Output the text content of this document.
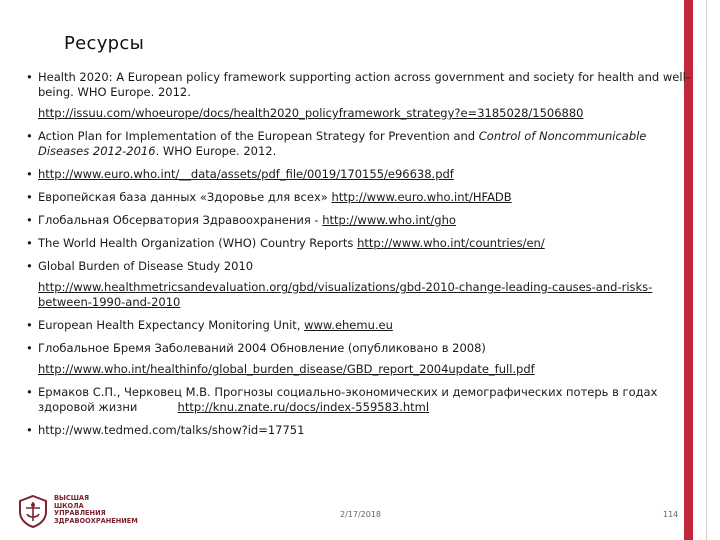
Ресурсы
• Health 2020: A European policy framework supporting action across government and society for health and well-being. WHO Europe. 2012.
http://issuu.com/whoeurope/docs/health2020_policyframework_strategy?e=3185028/1506880
• Action Plan for Implementation of the European Strategy for Prevention and Control of Noncommunicable Diseases 2012-2016. WHO Europe. 2012.
• http://www.euro.who.int/__data/assets/pdf_file/0019/170155/e96638.pdf
• Европейская база данных «Здоровье для всех» http://www.euro.who.int/HFADB
• Глобальная Обсерватория Здравоохранения - http://www.who.int/gho
• The World Health Organization (WHO) Country Reports http://www.who.int/countries/en/
• Global Burden of Disease Study 2010
http://www.healthmetricsandevaluation.org/gbd/visualizations/gbd-2010-change-leading-causes-and-risks-between-1990-and-2010
• European Health Expectancy Monitoring Unit, www.ehemu.eu
• Глобальное Бремя Заболеваний 2004 Обновление (опубликовано в 2008)
http://www.who.int/healthinfo/global_burden_disease/GBD_report_2004update_full.pdf
• Ермаков С.П., Черковец М.В. Прогнозы социально-экономических и демографических потерь в годах здоровой жизни	http://knu.znate.ru/docs/index-559583.html
• http://www.tedmed.com/talks/show?id=17751
ВЫСШАЯ
ШКОЛА
УПРАВЛЕНИЯ
ЗДРАВООХРАНЕНИЕМ
2/17/2018	114
